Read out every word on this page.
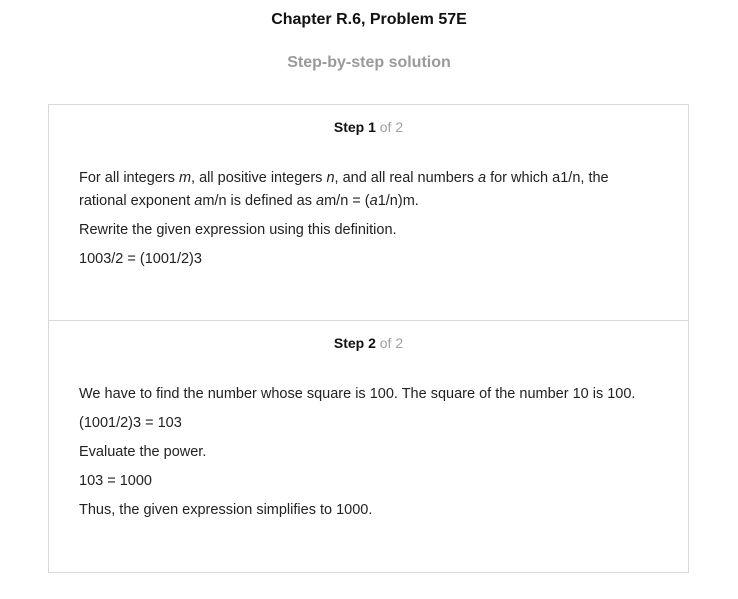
Chapter R.6, Problem 57E
Step-by-step solution
Step 1 of 2

For all integers m, all positive integers n, and all real numbers a for which a1/n, the rational exponent am/n is defined as am/n = (a1/n)m.

Rewrite the given expression using this definition.

1003/2 = (1001/2)3

Step 2 of 2

We have to find the number whose square is 100. The square of the number 10 is 100.

(1001/2)3 = 103

Evaluate the power.

103 = 1000

Thus, the given expression simplifies to 1000.
